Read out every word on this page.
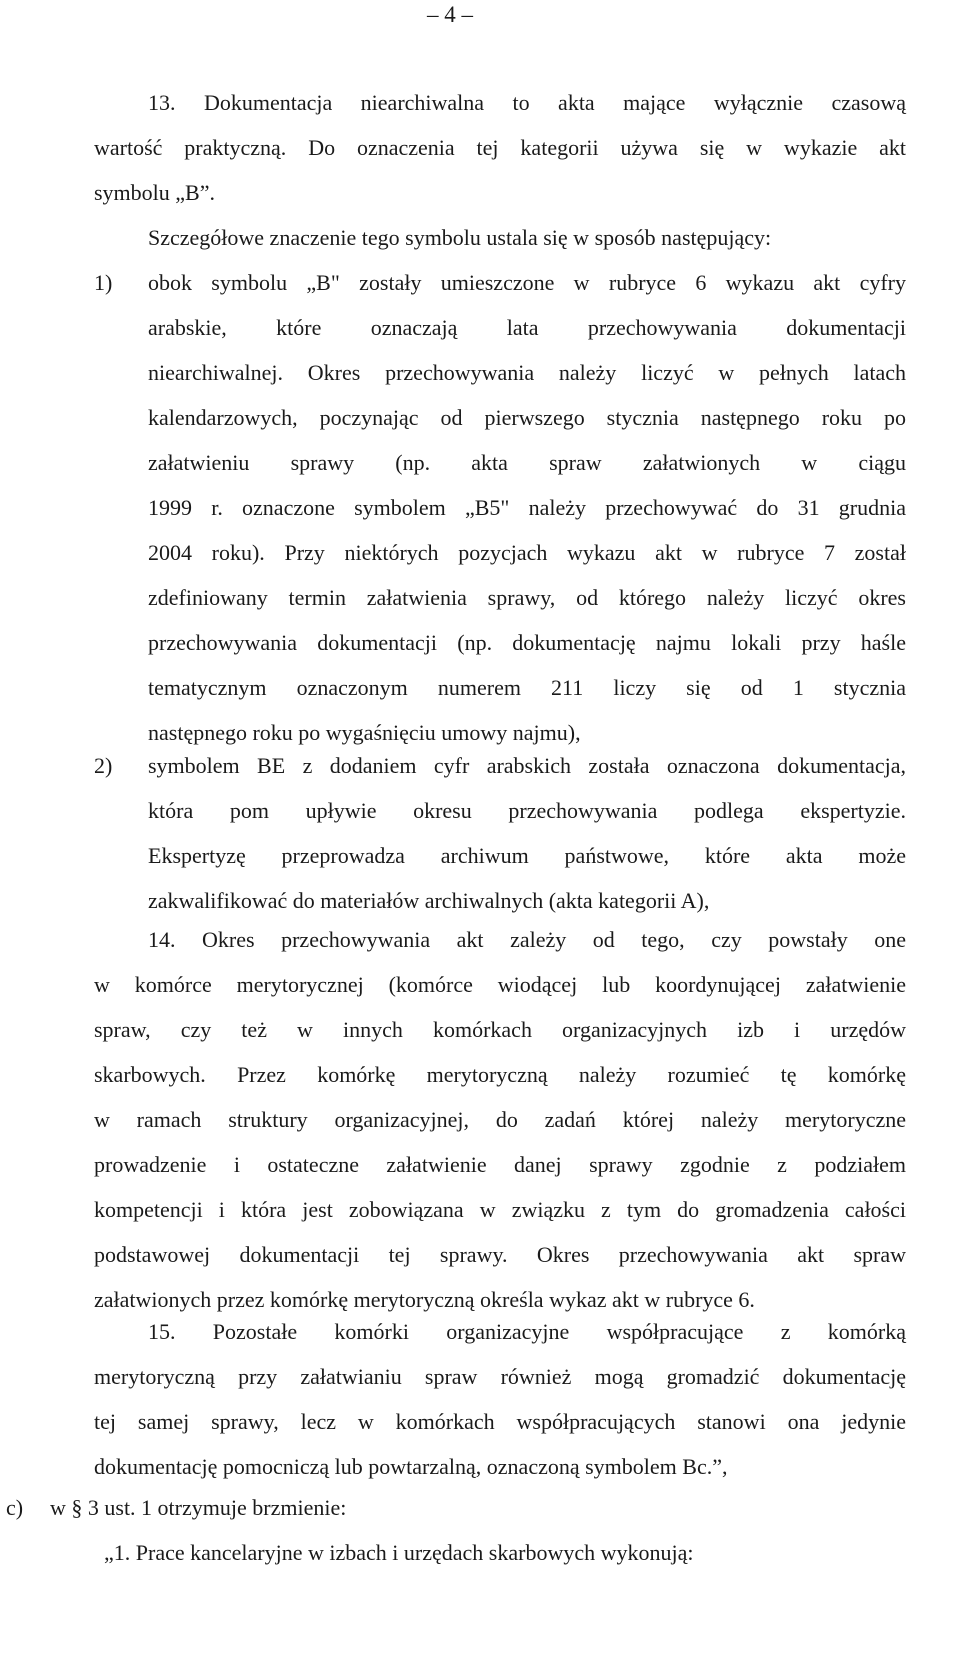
– 4 –
13. Dokumentacja niearchiwalna to akta mające wyłącznie czasową
wartość praktyczną. Do oznaczenia tej kategorii używa się w wykazie akt
symbolu „B”.
Szczegółowe znaczenie tego symbolu ustala się w sposób następujący:
1) obok symbolu „B" zostały umieszczone w rubryce 6 wykazu akt cyfry
arabskie, które oznaczają lata przechowywania dokumentacji
niearchiwalnej. Okres przechowywania należy liczyć w pełnych latach
kalendarzowych, poczynając od pierwszego stycznia następnego roku po
załatwieniu sprawy (np. akta spraw załatwionych w ciągu
1999 r. oznaczone symbolem „B5" należy przechowywać do 31 grudnia
2004 roku). Przy niektórych pozycjach wykazu akt w rubryce 7 został
zdefiniowany termin załatwienia sprawy, od którego należy liczyć okres
przechowywania dokumentacji (np. dokumentację najmu lokali przy haśle
tematycznym oznaczonym numerem 211 liczy się od 1 stycznia
następnego roku po wygaśnięciu umowy najmu),
2) symbolem BE z dodaniem cyfr arabskich została oznaczona dokumentacja,
która pom upływie okresu przechowywania podlega ekspertyzie.
Ekspertyzę przeprowadza archiwum państwowe, które akta może
zakwalifikować do materiałów archiwalnych (akta kategorii A),
14. Okres przechowywania akt zależy od tego, czy powstały one
w komórce merytorycznej (komórce wiodącej lub koordynującej załatwienie
spraw, czy też w innych komórkach organizacyjnych izb i urzędów
skarbowych. Przez komórkę merytoryczną należy rozumieć tę komórkę
w ramach struktury organizacyjnej, do zadań której należy merytoryczne
prowadzenie i ostateczne załatwienie danej sprawy zgodnie z podziałem
kompetencji i która jest zobowiązana w związku z tym do gromadzenia całości
podstawowej dokumentacji tej sprawy. Okres przechowywania akt spraw
załatwionych przez komórkę merytoryczną określa wykaz akt w rubryce 6.
15. Pozostałe komórki organizacyjne współpracujące z komórką
merytoryczną przy załatwianiu spraw również mogą gromadzić dokumentację
tej samej sprawy, lecz w komórkach współpracujących stanowi ona jedynie
dokumentację pomocniczą lub powtarzalną, oznaczoną symbolem Bc.”,
c) w § 3 ust. 1 otrzymuje brzmienie:
„1. Prace kancelaryjne w izbach i urzędach skarbowych wykonują:
